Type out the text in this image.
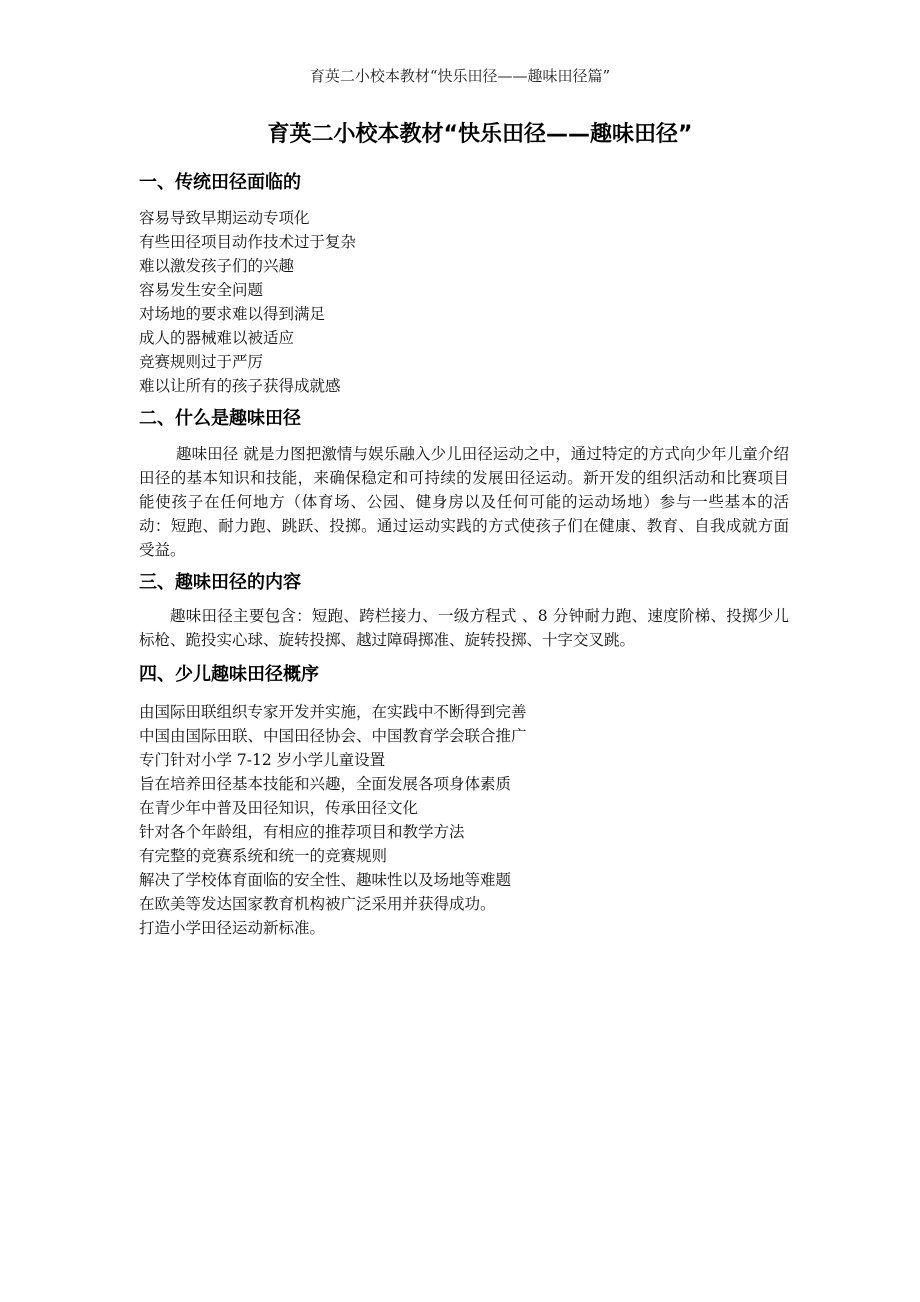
育英二小校本教材“快乐田径——趣味田径篇”
育英二小校本教材“快乐田径——趣味田径”
一、传统田径面临的
容易导致早期运动专项化
有些田径项目动作技术过于复杂
难以激发孩子们的兴趣
容易发生安全问题
对场地的要求难以得到满足
成人的器械难以被适应
竞赛规则过于严厉
难以让所有的孩子获得成就感
二、什么是趣味田径

趣味田径 就是力图把激情与娱乐融入少儿田径运动之中，通过特定的方式向少年儿童介绍田径的基本知识和技能，来确保稳定和可持续的发展田径运动。新开发的组织活动和比赛项目能使孩子在任何地方（体育场、公园、健身房以及任何可能的运动场地）参与一些基本的活动：短跑、耐力跑、跳跃、投掷。通过运动实践的方式使孩子们在健康、教育、自我成就方面受益。

三、趣味田径的内容

趣味田径主要包含：短跑、跨栏接力、一级方程式 、8 分钟耐力跑、速度阶梯、投掷少儿标枪、跪投实心球、旋转投掷、越过障碍掷准、旋转投掷、十字交叉跳。

四、少儿趣味田径概序
由国际田联组织专家开发并实施，在实践中不断得到完善
中国由国际田联、中国田径协会、中国教育学会联合推广
专门针对小学 7-12 岁小学儿童设置
旨在培养田径基本技能和兴趣，全面发展各项身体素质
在青少年中普及田径知识，传承田径文化
针对各个年龄组，有相应的推荐项目和教学方法
有完整的竞赛系统和统一的竞赛规则
解决了学校体育面临的安全性、趣味性以及场地等难题
在欧美等发达国家教育机构被广泛采用并获得成功。
打造小学田径运动新标准。
